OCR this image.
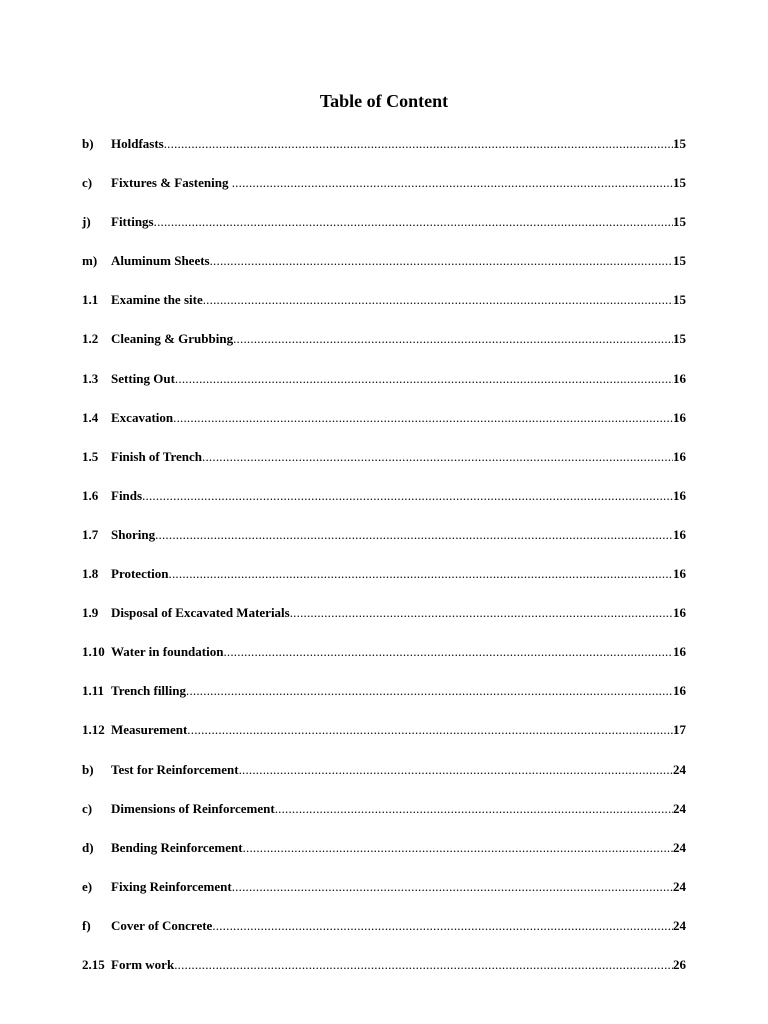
Table of Content
b)	Holdfasts .....	15
c)	Fixtures & Fastening .....	15
j)	Fittings .....	15
m)	Aluminum Sheets .....	15
1.1 Examine the site .....	15
1.2 Cleaning & Grubbing .....	15
1.3 Setting Out .....	16
1.4 Excavation .....	16
1.5 Finish of Trench .....	16
1.6 Finds .....	16
1.7 Shoring .....	16
1.8 Protection .....	16
1.9 Disposal of Excavated Materials .....	16
1.10 Water in foundation .....	16
1.11 Trench filling .....	16
1.12 Measurement .....	17
b)	Test for Reinforcement .....	24
c)	Dimensions of Reinforcement .....	24
d)	Bending Reinforcement .....	24
e)	Fixing Reinforcement .....	24
f)	Cover of Concrete .....	24
2.15 Form work .....	26
